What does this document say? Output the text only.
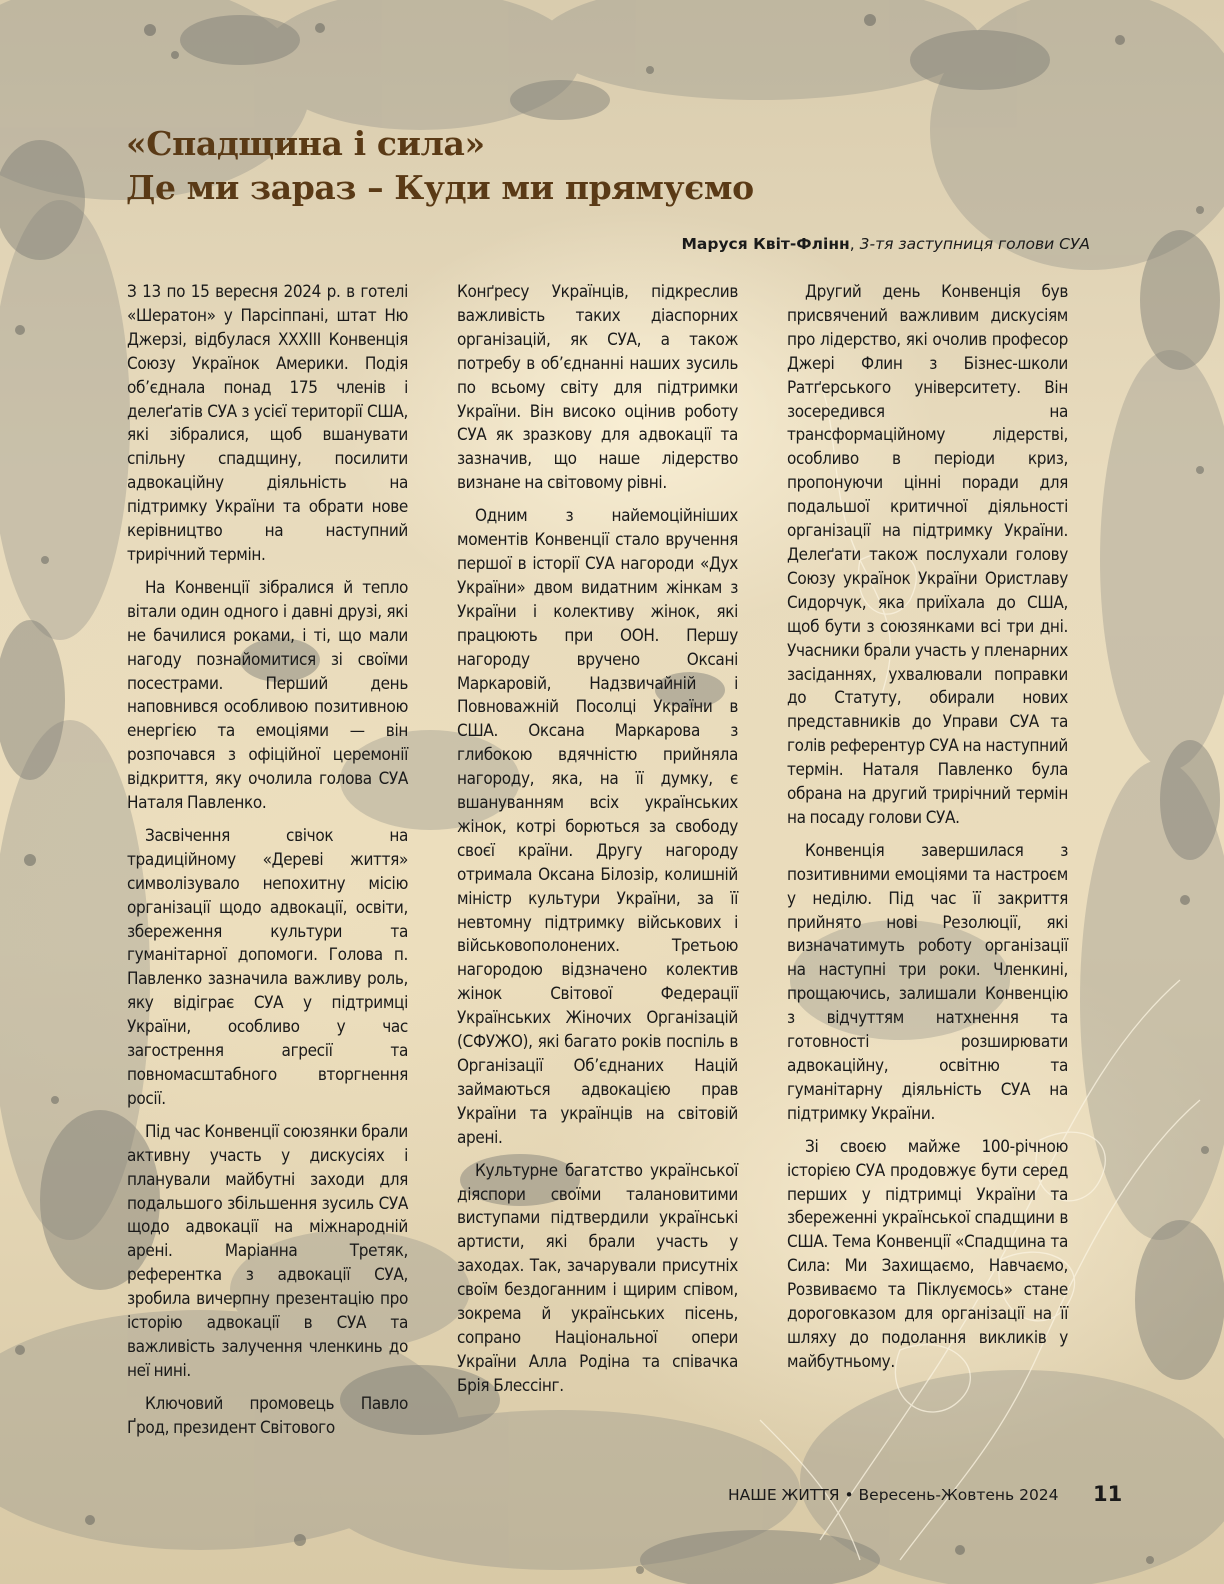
«Спадщина і сила»
Де ми зараз – Куди ми прямуємо
Маруся Квіт-Флінн, 3-тя заступниця голови СУА

З 13 по 15 вересня 2024 р. в готелі «Шератон» у Парсіппані, штат Ню Джерзі, відбулася XXXIII Конвенція Союзу Українок Америки. Подія об’єднала понад 175 членів і делеґатів СУА з усієї території США, які зібралися, щоб вшанувати спільну спадщину, посилити адвокаційну діяльність на підтримку України та обрати нове керівництво на наступний трирічний термін.

На Конвенції зібралися й тепло вітали один одного і давні друзі, які не бачилися роками, і ті, що мали нагоду познайомитися зі своїми посестрами. Перший день наповнився особливою позитивною енергією та емоціями — він розпочався з офіційної церемонії відкриття, яку очолила голова СУА Наталя Павленко.

Засвічення свічок на традиційному «Дереві життя» символізувало непохитну місію організації щодо адвокації, освіти, збереження культури та гуманітарної допомоги. Голова п. Павленко зазначила важливу роль, яку відіграє СУА у підтримці України, особливо у час загострення агресії та повномасштабного вторгнення росії.

Під час Конвенції союзянки брали активну участь у дискусіях і планували майбутні заходи для подальшого збільшення зусиль СУА щодо адвокації на міжнародній арені. Маріанна Третяк, референтка з адвокації СУА, зробила вичерпну презентацію про історію адвокації в СУА та важливість залучення членкинь до неї нині.

Ключовий промовець Павло Ґрод, президент Світового

Конґресу Українців, підкреслив важливість таких діаспорних організацій, як СУА, а також потребу в об’єднанні наших зусиль по всьому світу для підтримки України. Він високо оцінив роботу СУА як зразкову для адвокації та зазначив, що наше лідерство визнане на світовому рівні.

Одним з найемоційніших моментів Конвенції стало вручення першої в історії СУА нагороди «Дух України» двом видатним жінкам з України і колективу жінок, які працюють при ООН. Першу нагороду вручено Оксані Маркаровій, Надзвичайній і Повноважній Посолці України в США. Оксана Маркарова з глибокою вдячністю прийняла нагороду, яка, на її думку, є вшануванням всіх українських жінок, котрі борються за свободу своєї країни. Другу нагороду отримала Оксана Білозір, колишній міністр культури України, за її невтомну підтримку військових і військовополонених. Третьою нагородою відзначено колектив жінок Світової Федерації Українських Жіночих Організацій (СФУЖО), які багато років поспіль в Організації Об’єднаних Націй займаються адвокацією прав України та українців на світовій арені.

Культурне багатство української діяспори своїми талановитими виступами підтвердили українські артисти, які брали участь у заходах. Так, зачарували присутніх своїм бездоганним і щирим співом, зокрема й українських пісень, сопрано Національної опери України Алла Родіна та співачка Брія Блессінг.

Другий день Конвенція був присвячений важливим дискусіям про лідерство, які очолив професор Джері Флин з Бізнес-школи Ратґерського університету. Він зосередився на трансформаційному лідерстві, особливо в періоди криз, пропонуючи цінні поради для подальшої критичної діяльності організації на підтримку України. Делеґати також послухали голову Союзу українок України Ористлаву Сидорчук, яка приїхала до США, щоб бути з союзянками всі три дні. Учасники брали участь у пленарних засіданнях, ухвалювали поправки до Статуту, обирали нових представників до Управи СУА та голів референтур СУА на наступний термін. Наталя Павленко була обрана на другий трирічний термін на посаду голови СУА.

Конвенція завершилася з позитивними емоціями та настроєм у неділю. Під час її закриття прийнято нові Резолюції, які визначатимуть роботу організації на наступні три роки. Членкині, прощаючись, залишали Конвенцію з відчуттям натхнення та готовності розширювати адвокаційну, освітню та гуманітарну діяльність СУА на підтримку України.

Зі своєю майже 100-річною історією СУА продовжує бути серед перших у підтримці України та збереженні української спадщини в США. Тема Конвенції «Спадщина та Сила: Ми Захищаємо, Навчаємо, Розвиваємо та Піклуємось» стане дороговказом для організації на її шляху до подолання викликів у майбутньому.

НАШЕ ЖИТТЯ • Вересень-Жовтень 2024 11
